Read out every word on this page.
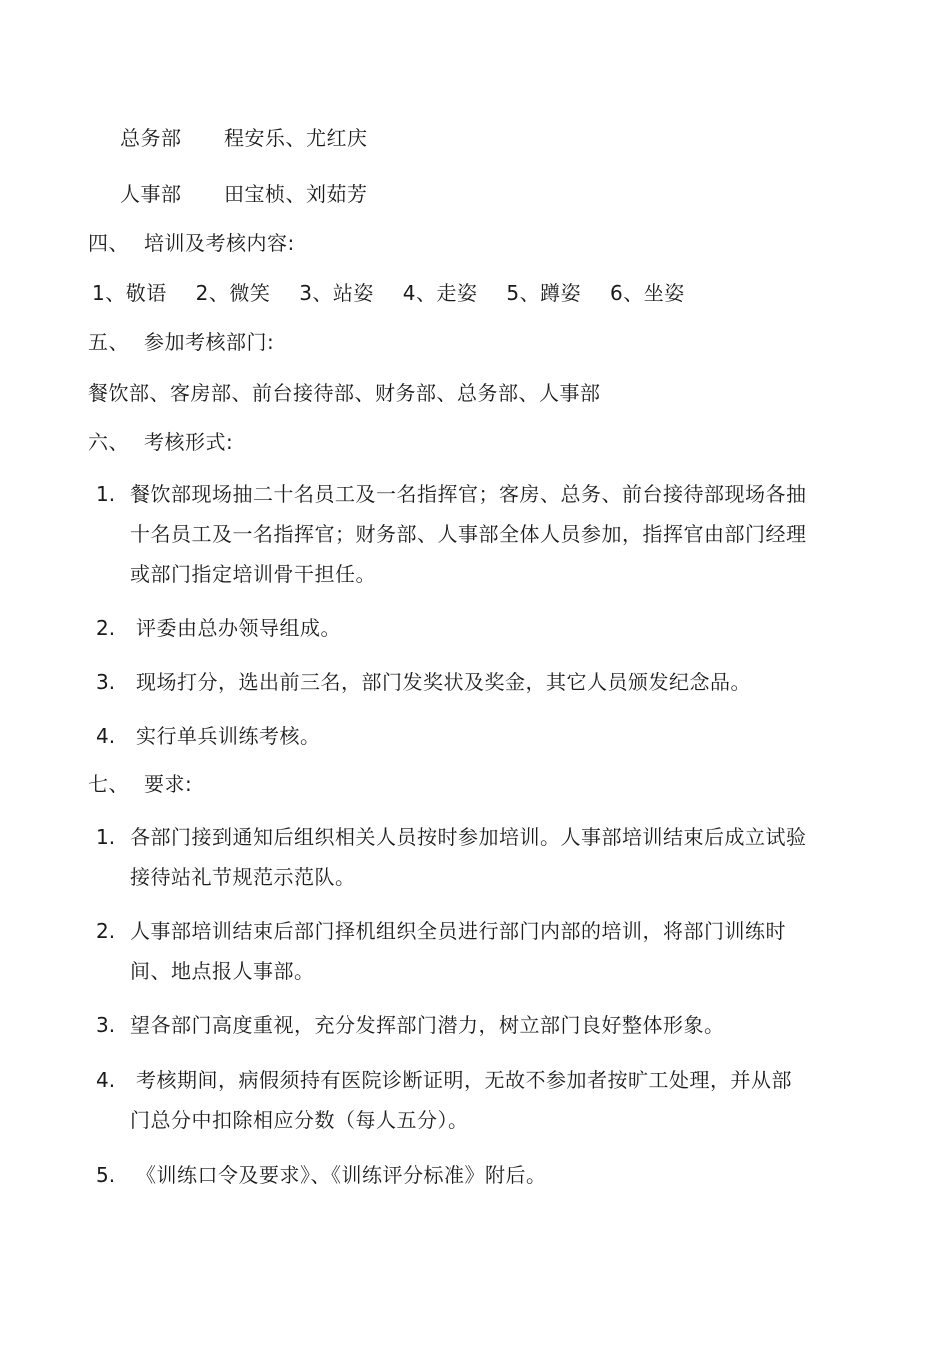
总务部 程安乐、尤红庆
人事部 田宝桢、刘茹芳
四、 培训及考核内容:
1、敬语 2、微笑 3、站姿 4、走姿 5、蹲姿 6、坐姿
五、 参加考核部门:
餐饮部、客房部、前台接待部、财务部、总务部、人事部
六、 考核形式:
1. 餐饮部现场抽二十名员工及一名指挥官；客房、总务、前台接待部现场各抽十名员工及一名指挥官；财务部、人事部全体人员参加，指挥官由部门经理或部门指定培训骨干担任。
2.	评委由总办领导组成。
3.	现场打分，选出前三名，部门发奖状及奖金，其它人员颁发纪念品。
4.	实行单兵训练考核。
七、 要求:
1. 各部门接到通知后组织相关人员按时参加培训。人事部培训结束后成立试验接待站礼节规范示范队。
2. 人事部培训结束后部门择机组织全员进行部门内部的培训，将部门训练时间、地点报人事部。
3. 望各部门高度重视，充分发挥部门潜力，树立部门良好整体形象。
4.	考核期间，病假须持有医院诊断证明，无故不参加者按旷工处理，并从部门总分中扣除相应分数（每人五分）。
5.	《训练口令及要求》、《训练评分标准》附后。
